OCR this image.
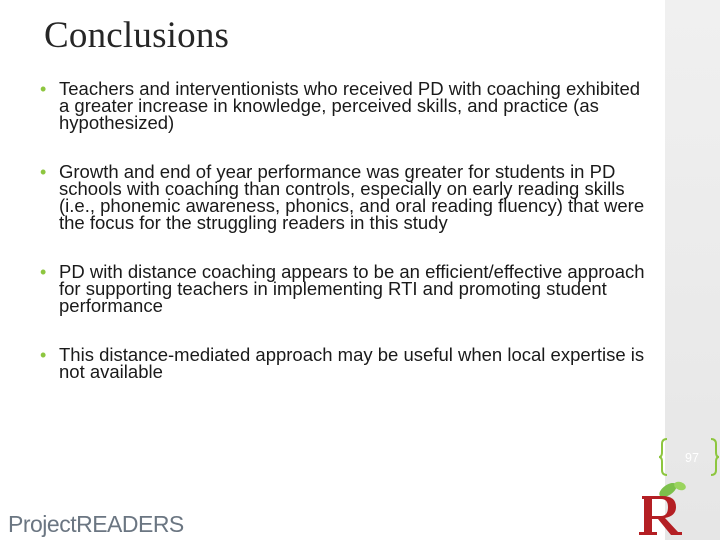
Conclusions
• Teachers and interventionists who received PD with coaching exhibited a greater increase in knowledge, perceived skills, and practice (as hypothesized)
• Growth and end of year performance was greater for students in PD schools with coaching than controls, especially on early reading skills (i.e., phonemic awareness, phonics, and oral reading fluency) that were the focus for the struggling readers in this study
• PD with distance coaching appears to be an efficient/effective approach for supporting teachers in implementing RTI and promoting student performance
• This distance-mediated approach may be useful when local expertise is not available
97
ProjectREADERS
